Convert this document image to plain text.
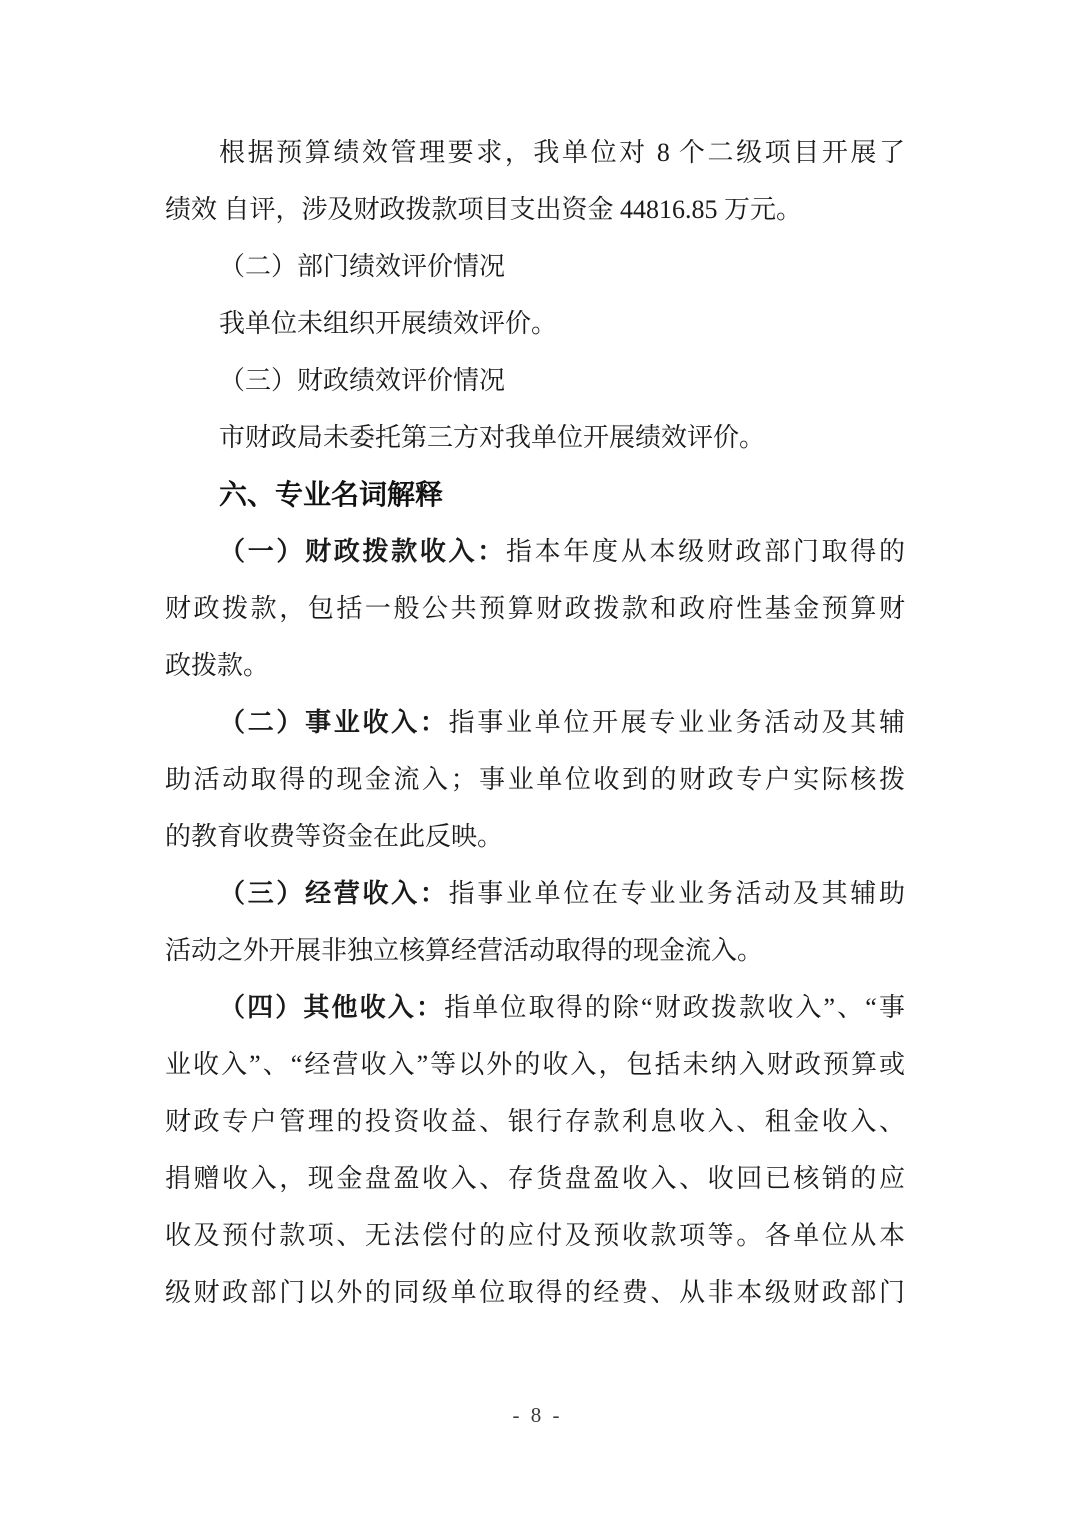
根据预算绩效管理要求，我单位对 8 个二级项目开展了
绩效 自评，涉及财政拨款项目支出资金 44816.85 万元。
（二）部门绩效评价情况
我单位未组织开展绩效评价。
（三）财政绩效评价情况
市财政局未委托第三方对我单位开展绩效评价。
六、专业名词解释
（一）财政拨款收入：指本年度从本级财政部门取得的
财政拨款，包括一般公共预算财政拨款和政府性基金预算财
政拨款。
（二）事业收入：指事业单位开展专业业务活动及其辅
助活动取得的现金流入；事业单位收到的财政专户实际核拨
的教育收费等资金在此反映。
（三）经营收入：指事业单位在专业业务活动及其辅助
活动之外开展非独立核算经营活动取得的现金流入。
（四）其他收入：指单位取得的除“财政拨款收入”、“事
业收入”、“经营收入”等以外的收入，包括未纳入财政预算或
财政专户管理的投资收益、银行存款利息收入、租金收入、
捐赠收入，现金盘盈收入、存货盘盈收入、收回已核销的应
收及预付款项、无法偿付的应付及预收款项等。各单位从本
级财政部门以外的同级单位取得的经费、从非本级财政部门
- 8 -
